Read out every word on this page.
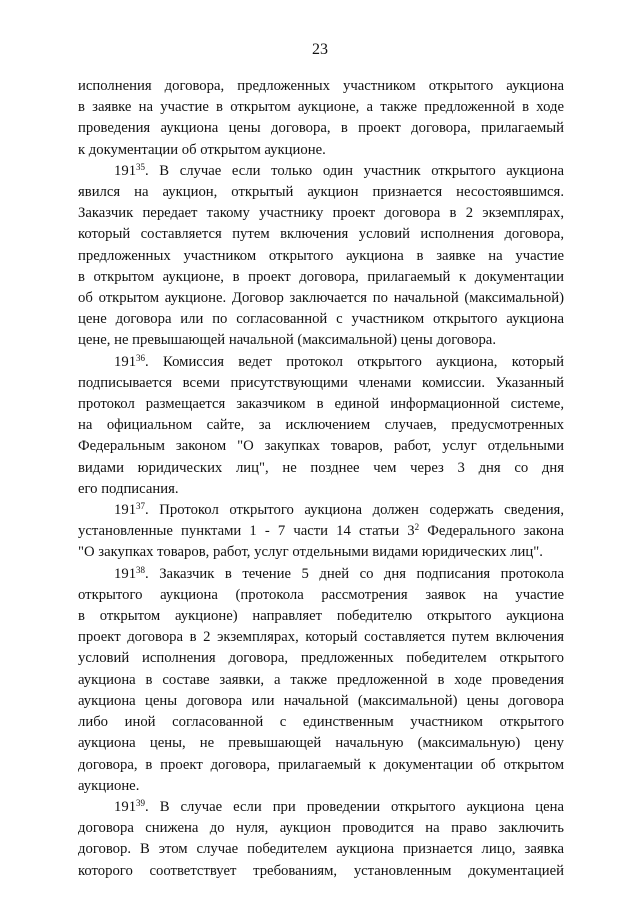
23

исполнения договора, предложенных участником открытого аукциона

в заявке на участие в открытом аукционе, а также предложенной в ходе

проведения аукциона цены договора, в проект договора, прилагаемый

к документации об открытом аукционе.

$191^{35}$. В случае если только один участник открытого аукциона

явился на аукцион, открытый аукцион признается несостоявшимся.

Заказчик передает такому участнику проект договора в 2 экземплярах,

который составляется путем включения условий исполнения договора,

предложенных участником открытого аукциона в заявке на участие

в открытом аукционе, в проект договора, прилагаемый к документации

об открытом аукционе. Договор заключается по начальной (максимальной)

цене договора или по согласованной с участником открытого аукциона

цене, не превышающей начальной (максимальной) цены договора.

$191^{36}$. Комиссия ведет протокол открытого аукциона, который

подписывается всеми присутствующими членами комиссии. Указанный

протокол размещается заказчиком в единой информационной системе,

на официальном сайте, за исключением случаев, предусмотренных

Федеральным законом "О закупках товаров, работ, услуг отдельными

видами юридических лиц", не позднее чем через 3 дня со дня

его подписания.

$191^{37}$. Протокол открытого аукциона должен содержать сведения,

установленные пунктами 1 - 7 части 14 статьи $3^2$ Федерального закона

"О закупках товаров, работ, услуг отдельными видами юридических лиц".

$191^{38}$. Заказчик в течение 5 дней со дня подписания протокола

открытого аукциона (протокола рассмотрения заявок на участие

в открытом аукционе) направляет победителю открытого аукциона

проект договора в 2 экземплярах, который составляется путем включения

условий исполнения договора, предложенных победителем открытого

аукциона в составе заявки, а также предложенной в ходе проведения

аукциона цены договора или начальной (максимальной) цены договора

либо иной согласованной с единственным участником открытого

аукциона цены, не превышающей начальную (максимальную) цену

договора, в проект договора, прилагаемый к документации об открытом

аукционе.

$191^{39}$. В случае если при проведении открытого аукциона цена

договора снижена до нуля, аукцион проводится на право заключить

договор. В этом случае победителем аукциона признается лицо, заявка

которого соответствует требованиям, установленным документацией
